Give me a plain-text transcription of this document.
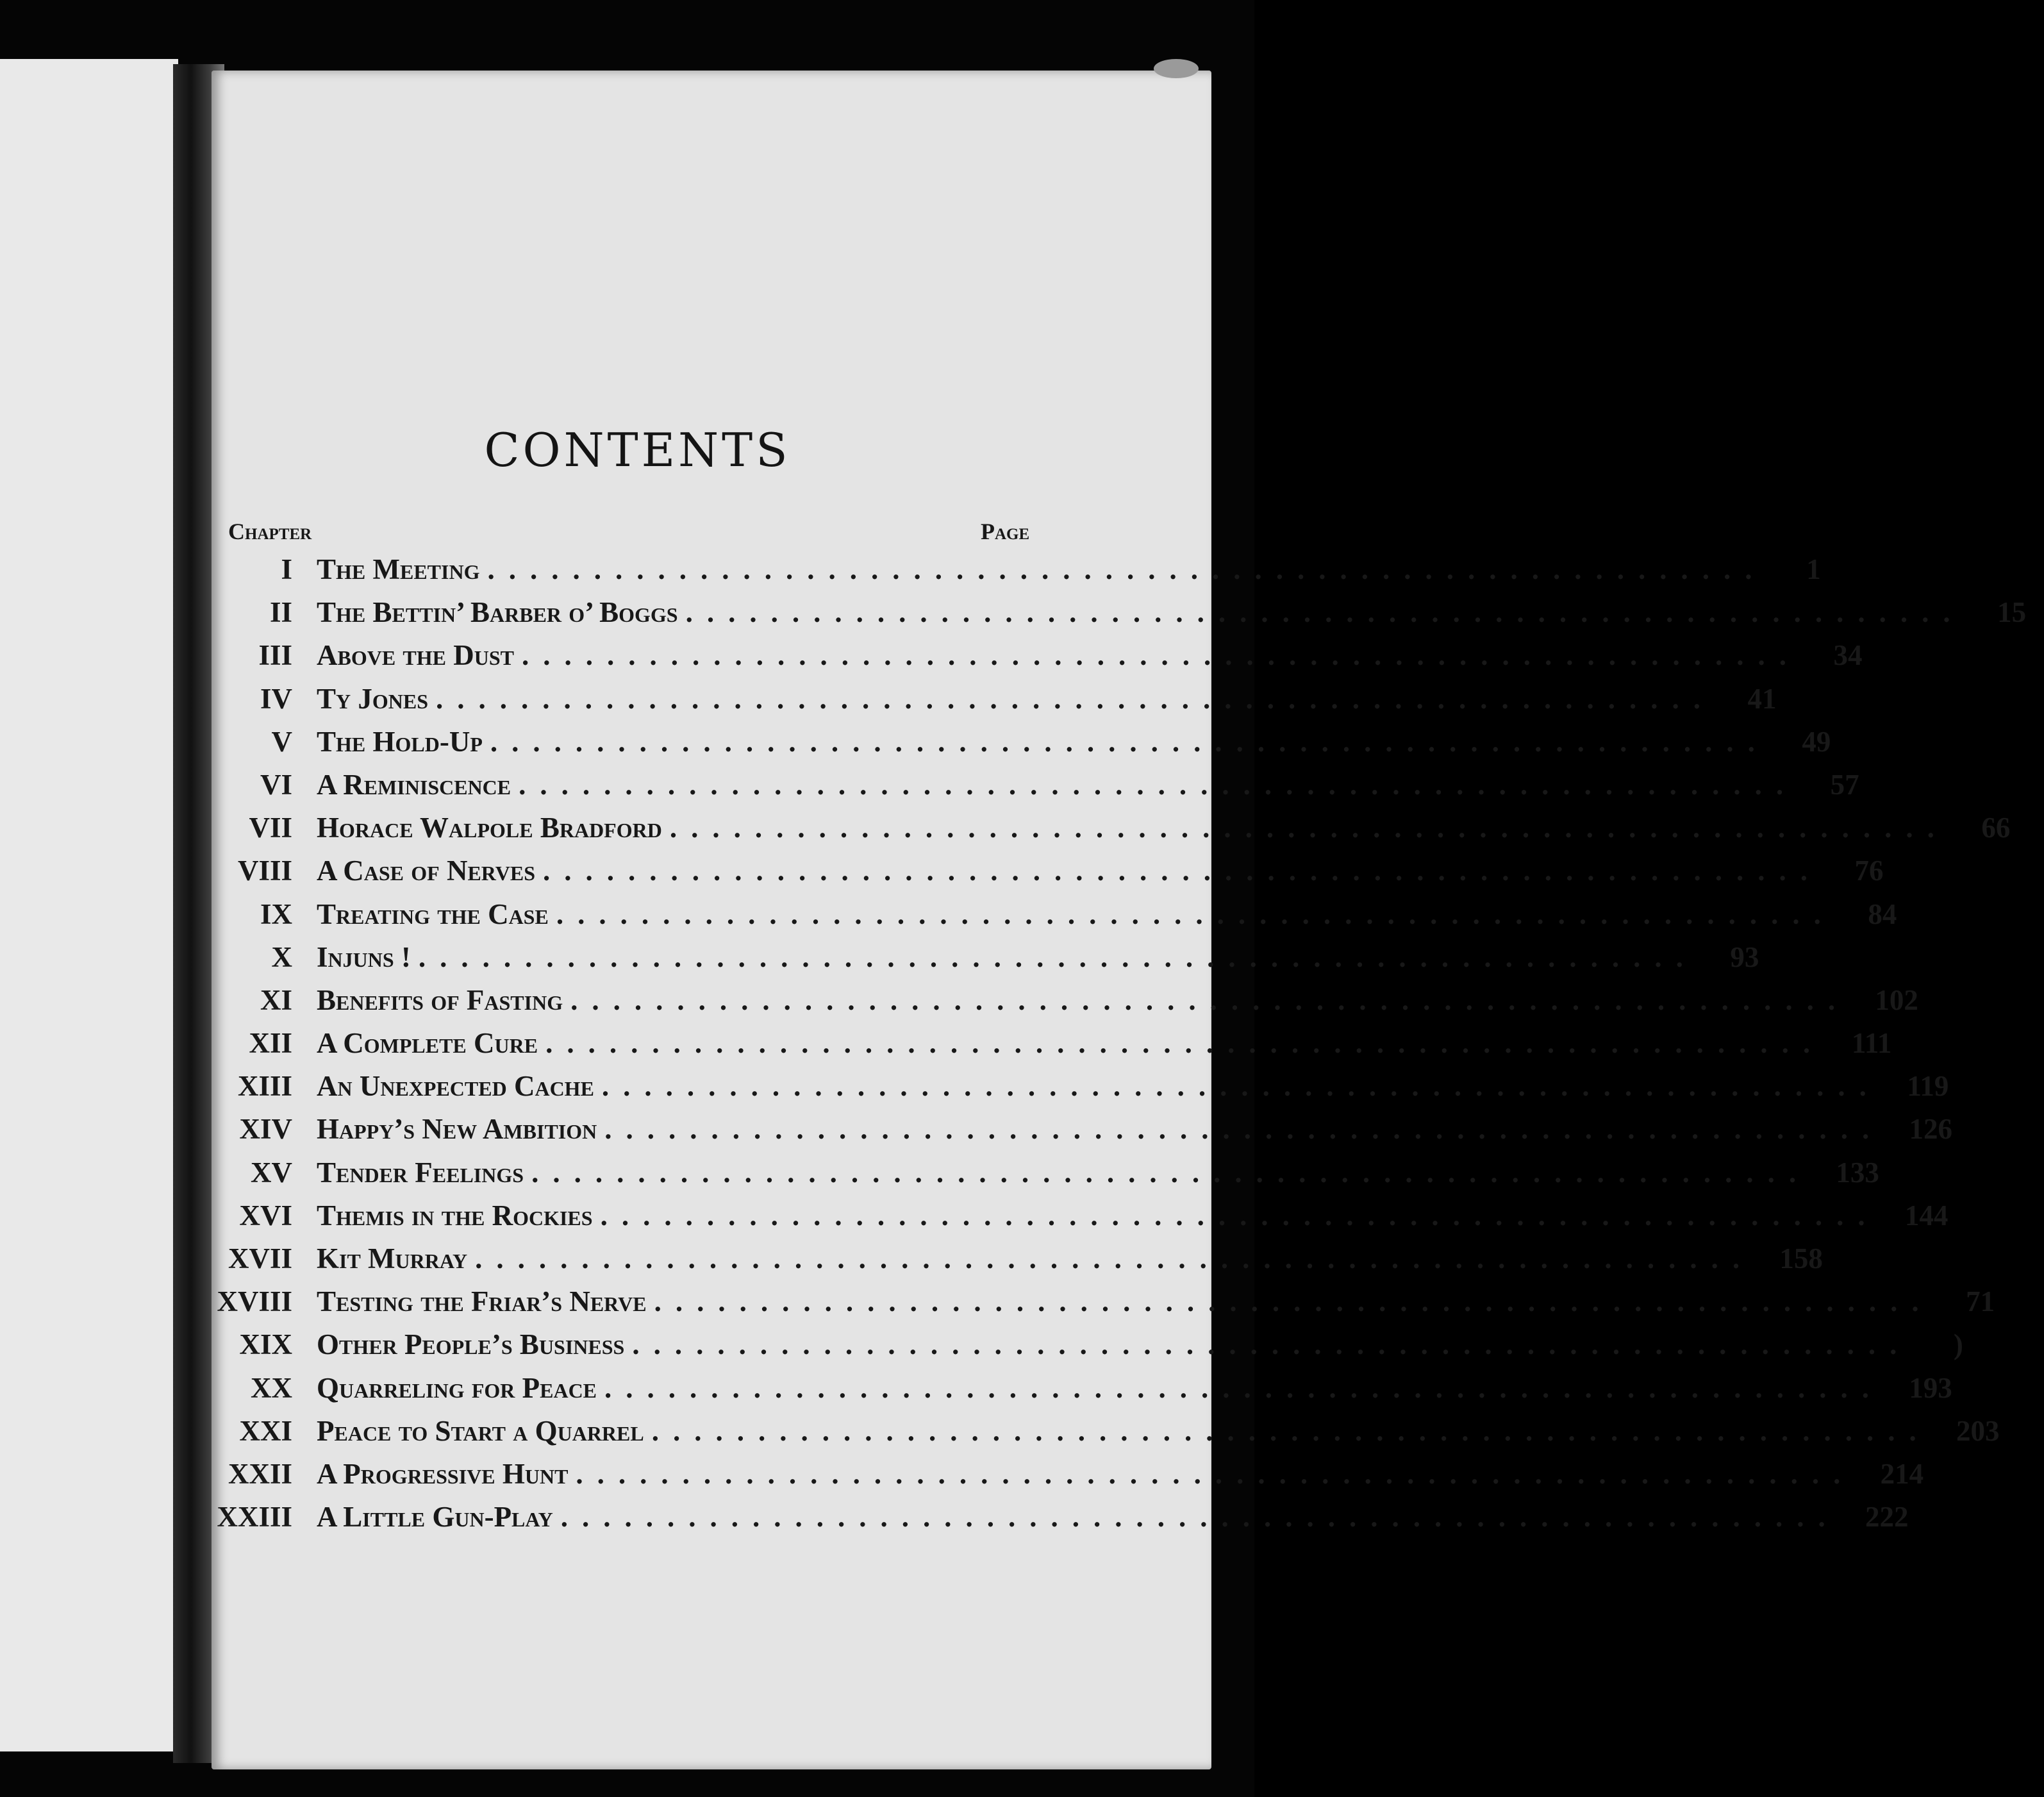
CONTENTS
Chapter	Page
I The Meeting ............................................................	1
II The Bettin’ Barber o’ Boggs ............................................................	15
III Above the Dust ............................................................	34
IV Ty Jones ............................................................	41
V The Hold-Up ............................................................	49
VI A Reminiscence ............................................................	57
VII Horace Walpole Bradford ............................................................	66
VIII A Case of Nerves ............................................................	76
IX Treating the Case ............................................................	84
X Injuns ! ............................................................	93
XI Benefits of Fasting ............................................................ 102
XII A Complete Cure ............................................................ 111
XIII An Unexpected Cache ............................................................ 119
XIV Happy’s New Ambition ............................................................ 126
XV Tender Feelings ............................................................ 133
XVI Themis in the Rockies ............................................................ 144
XVII Kit Murray ............................................................ 158
XVIII Testing the Friar’s Nerve ............................................................	71
XIX Other People’s Business ............................................................	)
XX Quarreling for Peace ............................................................ 193
XXI Peace to Start a Quarrel ............................................................ 203
XXII A Progressive Hunt ............................................................ 214
XXIII A Little Gun-Play ............................................................ 222
